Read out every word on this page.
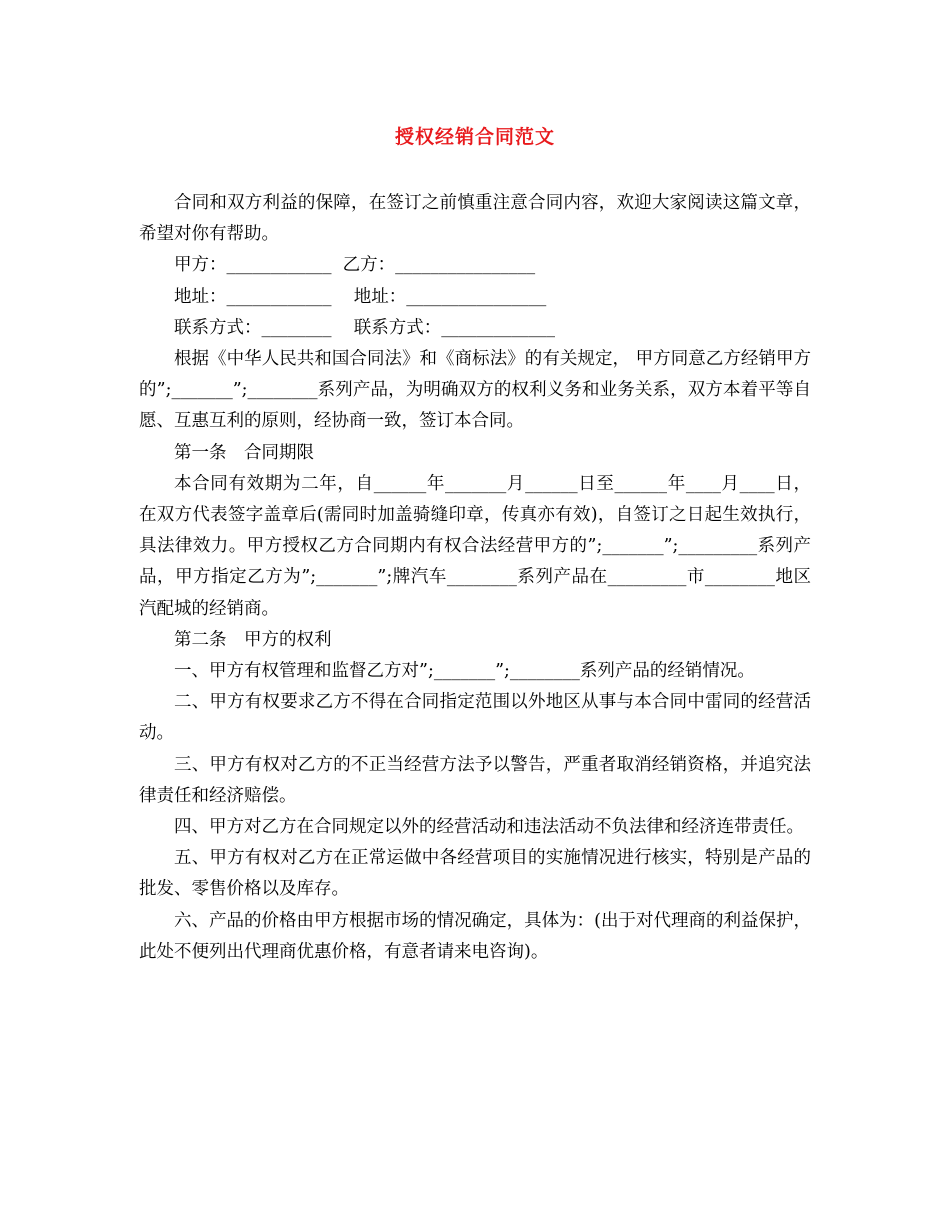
授权经销合同范文

合同和双方利益的保障，在签订之前慎重注意合同内容，欢迎大家阅读这篇文章，希望对你有帮助。

甲方：____________  乙方：________________

地址：____________    地址：________________

联系方式：________    联系方式：_____________

根据《中华人民共和国合同法》和《商标法》的有关规定， 甲方同意乙方经销甲方的”;_______”;________系列产品，为明确双方的权利义务和业务关系，双方本着平等自愿、互惠互利的原则，经协商一致，签订本合同。

第一条　合同期限

本合同有效期为二年，自______年_______月______日至______年____月____日，在双方代表签字盖章后(需同时加盖骑缝印章，传真亦有效)，自签订之日起生效执行，具法律效力。甲方授权乙方合同期内有权合法经营甲方的”;_______”;_________系列产品，甲方指定乙方为”;_______”;牌汽车________系列产品在_________市________地区汽配城的经销商。

第二条　甲方的权利

一、甲方有权管理和监督乙方对”;_______”;________系列产品的经销情况。

二、甲方有权要求乙方不得在合同指定范围以外地区从事与本合同中雷同的经营活动。

三、甲方有权对乙方的不正当经营方法予以警告，严重者取消经销资格，并追究法律责任和经济赔偿。

四、甲方对乙方在合同规定以外的经营活动和违法活动不负法律和经济连带责任。

五、甲方有权对乙方在正常运做中各经营项目的实施情况进行核实，特别是产品的批发、零售价格以及库存。

六、产品的价格由甲方根据市场的情况确定，具体为：(出于对代理商的利益保护，此处不便列出代理商优惠价格，有意者请来电咨询)。
